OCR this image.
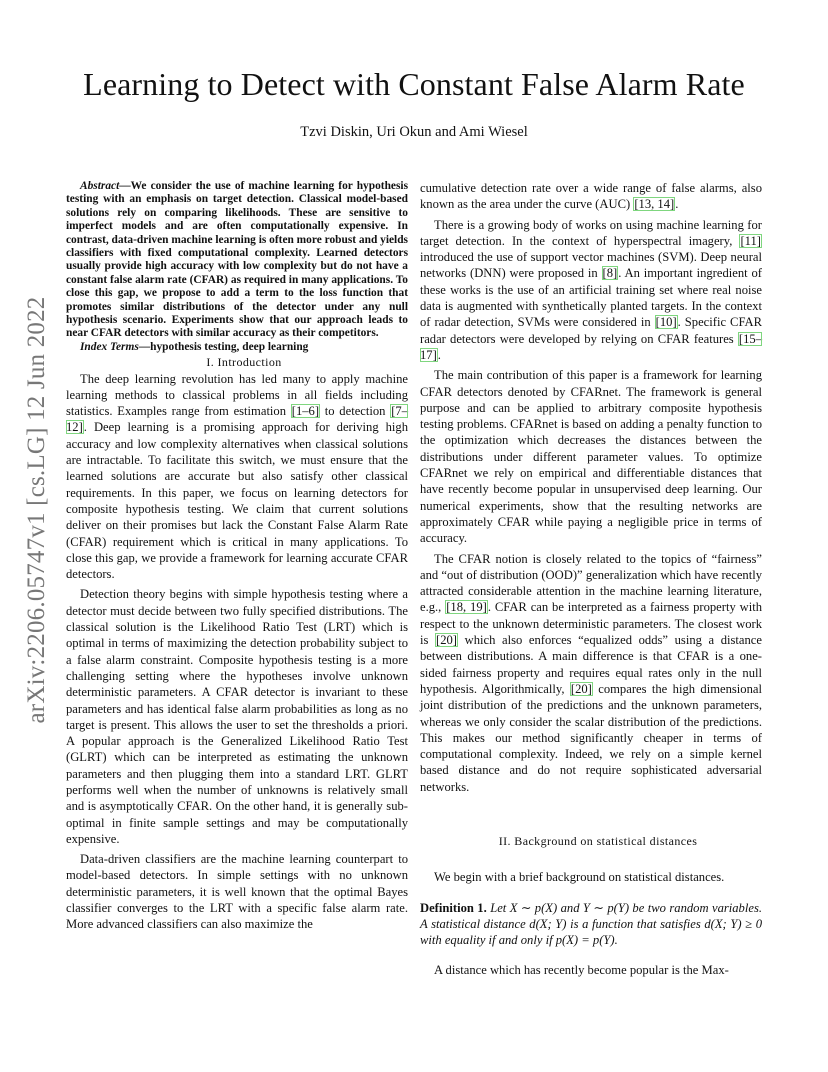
arXiv:2206.05747v1 [cs.LG] 12 Jun 2022
Learning to Detect with Constant False Alarm Rate
Tzvi Diskin, Uri Okun and Ami Wiesel

Abstract—We consider the use of machine learning for hypothesis testing with an emphasis on target detection. Classical model-based solutions rely on comparing likelihoods. These are sensitive to imperfect models and are often computationally expensive. In contrast, data-driven machine learning is often more robust and yields classifiers with fixed computational complexity. Learned detectors usually provide high accuracy with low complexity but do not have a constant false alarm rate (CFAR) as required in many applications. To close this gap, we propose to add a term to the loss function that promotes similar distributions of the detector under any null hypothesis scenario. Experiments show that our approach leads to near CFAR detectors with similar accuracy as their competitors.

Index Terms—hypothesis testing, deep learning

I. Introduction

The deep learning revolution has led many to apply machine learning methods to classical problems in all fields including statistics. Examples range from estimation [1–6] to detection [7–12]. Deep learning is a promising approach for deriving high accuracy and low complexity alternatives when classical solutions are intractable. To facilitate this switch, we must ensure that the learned solutions are accurate but also satisfy other classical requirements. In this paper, we focus on learning detectors for composite hypothesis testing. We claim that current solutions deliver on their promises but lack the Constant False Alarm Rate (CFAR) requirement which is critical in many applications. To close this gap, we provide a framework for learning accurate CFAR detectors.

Detection theory begins with simple hypothesis testing where a detector must decide between two fully specified distributions. The classical solution is the Likelihood Ratio Test (LRT) which is optimal in terms of maximizing the detection probability subject to a false alarm constraint. Composite hypothesis testing is a more challenging setting where the hypotheses involve unknown deterministic parameters. A CFAR detector is invariant to these parameters and has identical false alarm probabilities as long as no target is present. This allows the user to set the thresholds a priori. A popular approach is the Generalized Likelihood Ratio Test (GLRT) which can be interpreted as estimating the unknown parameters and then plugging them into a standard LRT. GLRT performs well when the number of unknowns is relatively small and is asymptotically CFAR. On the other hand, it is generally sub-optimal in finite sample settings and may be computationally expensive.

Data-driven classifiers are the machine learning counterpart to model-based detectors. In simple settings with no unknown deterministic parameters, it is well known that the optimal Bayes classifier converges to the LRT with a specific false alarm rate. More advanced classifiers can also maximize the

cumulative detection rate over a wide range of false alarms, also known as the area under the curve (AUC) [13, 14].

There is a growing body of works on using machine learning for target detection. In the context of hyperspectral imagery, [11] introduced the use of support vector machines (SVM). Deep neural networks (DNN) were proposed in [8]. An important ingredient of these works is the use of an artificial training set where real noise data is augmented with synthetically planted targets. In the context of radar detection, SVMs were considered in [10]. Specific CFAR radar detectors were developed by relying on CFAR features [15–17].

The main contribution of this paper is a framework for learning CFAR detectors denoted by CFARnet. The framework is general purpose and can be applied to arbitrary composite hypothesis testing problems. CFARnet is based on adding a penalty function to the optimization which decreases the distances between the distributions under different parameter values. To optimize CFARnet we rely on empirical and differentiable distances that have recently become popular in unsupervised deep learning. Our numerical experiments, show that the resulting networks are approximately CFAR while paying a negligible price in terms of accuracy.

The CFAR notion is closely related to the topics of “fairness” and “out of distribution (OOD)” generalization which have recently attracted considerable attention in the machine learning literature, e.g., [18, 19]. CFAR can be interpreted as a fairness property with respect to the unknown deterministic parameters. The closest work is [20] which also enforces “equalized odds” using a distance between distributions. A main difference is that CFAR is a one-sided fairness property and requires equal rates only in the null hypothesis. Algorithmically, [20] compares the high dimensional joint distribution of the predictions and the unknown parameters, whereas we only consider the scalar distribution of the predictions. This makes our method significantly cheaper in terms of computational complexity. Indeed, we rely on a simple kernel based distance and do not require sophisticated adversarial networks.

II. Background on statistical distances

We begin with a brief background on statistical distances.

Definition 1. Let X ∼ p(X) and Y ∼ p(Y) be two random variables. A statistical distance d(X; Y) is a function that satisfies d(X; Y) ≥ 0 with equality if and only if p(X) = p(Y).

A distance which has recently become popular is the Max-
